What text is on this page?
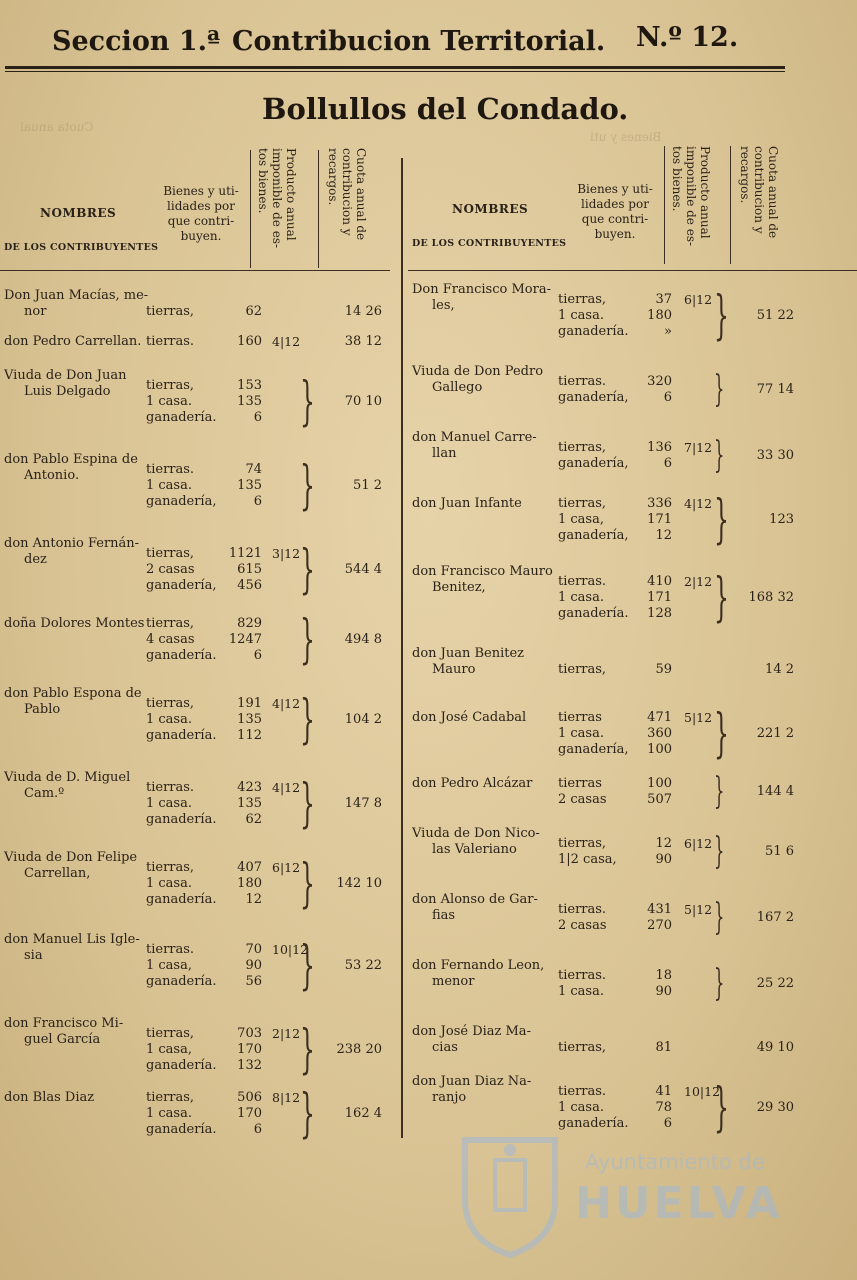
Seccion 1.ª Contribucion Territorial. N.º 12.
Bollullos del Condado.
NOMBRES
DE LOS CONTRIBUYENTES
Bienes y uti-lidades por que contri-buyen.	Producto anual imponible de es-tos bienes.	Cuota anual de contribucion y recargos.
Don Juan Macías, me-
nor	tierras,	62	14 26
don Pedro Carrellan. tierras.	160 4|12	38 12
Viuda de Don Juan
Luis Delgado	tierras,	153
1 casa.	135
ganadería.	6 }	70 10
don Pablo Espina de
Antonio.	tierras.	74
1 casa.	135
ganadería,	6 }	51 2
don Antonio Fernán-
dez	tierras,	1121
2 casas	615
ganadería,	456
3|12 }	544 4
doña Dolores Montes tierras,	829
4 casas	1247
ganadería.	6 }	494 8
don Pablo Espona de
Pablo	tierras,	191
1 casa.	135
ganadería.	112
4|12 }	104 2
Viuda de D. Miguel
Cam.º	tierras.	423
1 casa.	135
ganadería.	62
4|12 }	147 8
Viuda de Don Felipe
Carrellan,	tierras,	407
1 casa.	180
ganadería.	12
6|12 }	142 10
don Manuel Lis Igle-
sia	tierras.	70
1 casa,	90
ganadería.	56
10|12
}	53 22
don Francisco Mi-
guel García	tierras,	703
1 casa,	170
ganadería.	132
2|12 }	238 20
don Blas Diaz	tierras,	506
1 casa.	170
ganadería.	6
8|12 }	162 4
NOMBRES
DE LOS CONTRIBUYENTES
Bienes y uti-lidades por que contri-buyen.	Producto anual imponible de es-tos bienes.	Cuota anual de contribucion y recargos.
Don Francisco Mora-
les,	tierras,	37
1 casa.	180
ganadería.	»
6|12 }	51 22
Viuda de Don Pedro
Gallego	tierras.	320
ganadería,	6 }	77 14
don Manuel Carre-
llan	tierras,	136
ganadería,	6
7|12 }	33 30
don Juan Infante	tierras,	336
1 casa,	171
ganadería,	12
4|12 }	123
don Francisco Mauro
Benitez,	tierras.	410
1 casa.	171
ganadería.	128
2|12 }	168 32
don Juan Benitez
Mauro	tierras,	59	14 2
don José Cadabal tierras	471
1 casa.	360
ganadería,	100
5|12 }	221 2
don Pedro Alcázar tierras	100
2 casas	507 }	144 4
Viuda de Don Nico-
las Valeriano	tierras,	12
1|2 casa,	90
6|12 }	51 6
don Alonso de Gar-
fias	tierras.	431
2 casas	270
5|12 }	167 2
don Fernando Leon,
menor	tierras.	18
1 casa.	90 }	25 22
don José Diaz Ma-
cias	tierras,	81	49 10
don Juan Diaz Na-
ranjo	tierras.	41
1 casa.	78
ganadería.	6
10|12
}	29 30
Cuota anual
Bienes y uti
Ayuntamiento de
HUELVA
